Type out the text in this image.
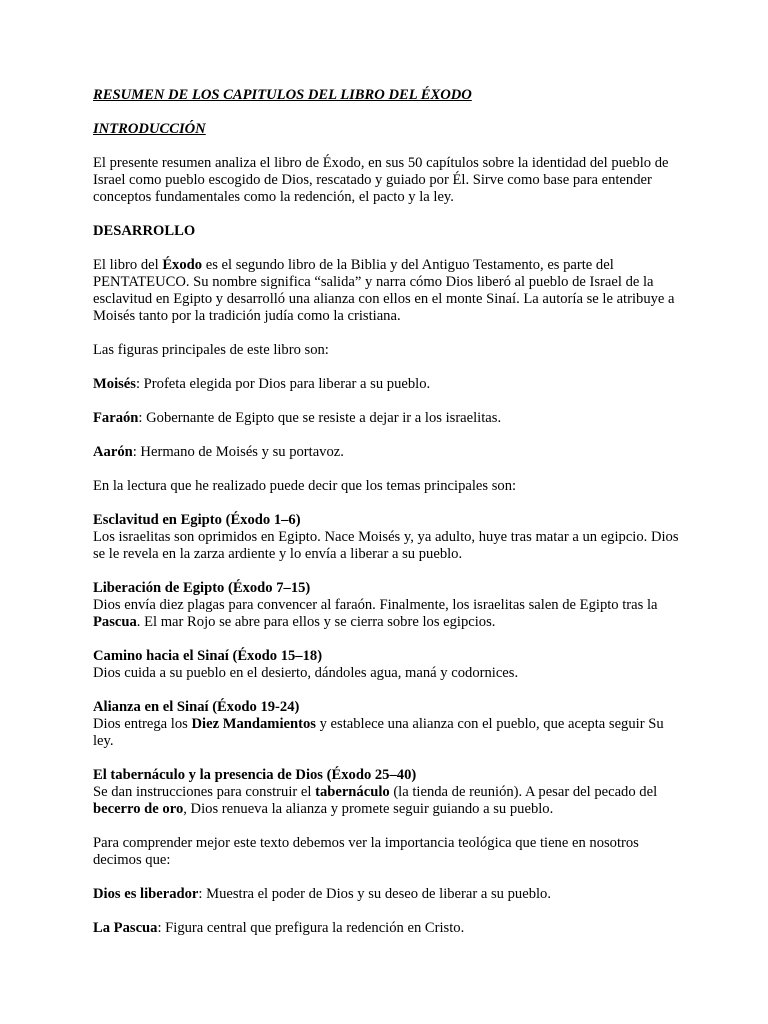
RESUMEN DE LOS CAPITULOS DEL LIBRO DEL ÉXODO
INTRODUCCIÓN
El presente resumen analiza el libro de Éxodo, en sus 50 capítulos sobre la identidad del pueblo de Israel como pueblo escogido de Dios, rescatado y guiado por Él. Sirve como base para entender conceptos fundamentales como la redención, el pacto y la ley.
DESARROLLO
El libro del Éxodo es el segundo libro de la Biblia y del Antiguo Testamento, es parte del PENTATEUCO. Su nombre significa “salida” y narra cómo Dios liberó al pueblo de Israel de la esclavitud en Egipto y desarrolló una alianza con ellos en el monte Sinaí. La autoría se le atribuye a Moisés tanto por la tradición judía como la cristiana.
Las figuras principales de este libro son:
Moisés: Profeta elegida por Dios para liberar a su pueblo.
Faraón: Gobernante de Egipto que se resiste a dejar ir a los israelitas.
Aarón: Hermano de Moisés y su portavoz.
En la lectura que he realizado puede decir que los temas principales son:
Esclavitud en Egipto (Éxodo 1–6)
Los israelitas son oprimidos en Egipto. Nace Moisés y, ya adulto, huye tras matar a un egipcio. Dios se le revela en la zarza ardiente y lo envía a liberar a su pueblo.
Liberación de Egipto (Éxodo 7–15)
Dios envía diez plagas para convencer al faraón. Finalmente, los israelitas salen de Egipto tras la Pascua. El mar Rojo se abre para ellos y se cierra sobre los egipcios.
Camino hacia el Sinaí (Éxodo 15–18)
Dios cuida a su pueblo en el desierto, dándoles agua, maná y codornices.
Alianza en el Sinaí (Éxodo 19-24)
Dios entrega los Diez Mandamientos y establece una alianza con el pueblo, que acepta seguir Su ley.
El tabernáculo y la presencia de Dios (Éxodo 25–40)
Se dan instrucciones para construir el tabernáculo (la tienda de reunión). A pesar del pecado del becerro de oro, Dios renueva la alianza y promete seguir guiando a su pueblo.
Para comprender mejor este texto debemos ver la importancia teológica que tiene en nosotros decimos que:
Dios es liberador: Muestra el poder de Dios y su deseo de liberar a su pueblo.
La Pascua: Figura central que prefigura la redención en Cristo.
